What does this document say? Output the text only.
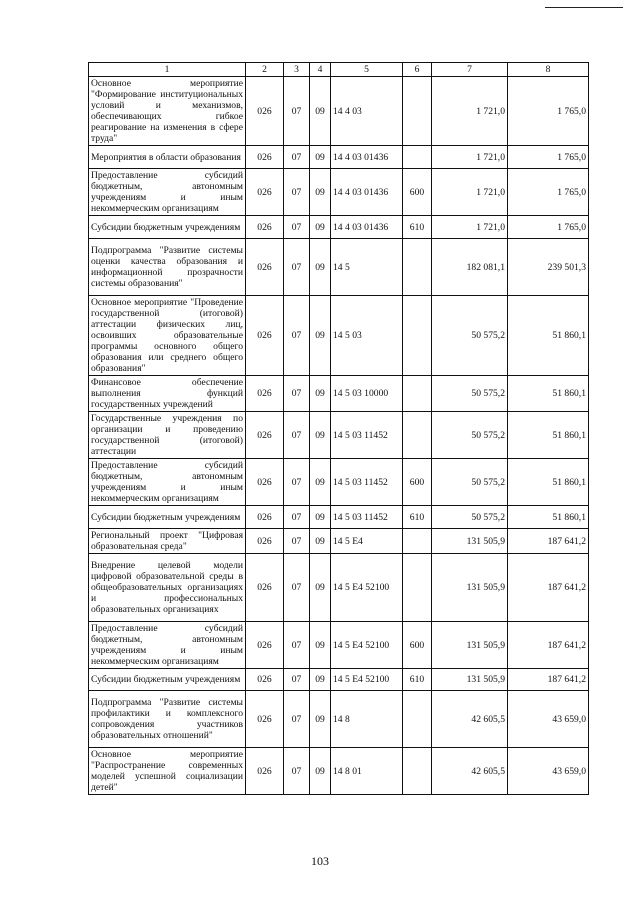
1	2	3	4	5	6	7	8
Основное мероприятие "Формирование институциональных условий и механизмов, обеспечивающих гибкое реагирование на изменения в сфере труда"	026	07	09	14 4 03		1 721,0	1 765,0
Мероприятия в области образования	026	07	09	14 4 03 01436		1 721,0	1 765,0
Предоставление субсидий бюджетным, автономным учреждениям и иным некоммерческим организациям	026	07	09	14 4 03 01436	600	1 721,0	1 765,0
Субсидии бюджетным учреждениям	026	07	09	14 4 03 01436	610	1 721,0	1 765,0
Подпрограмма "Развитие системы оценки качества образования и информационной прозрачности системы образования"	026	07	09	14 5		182 081,1	239 501,3
Основное мероприятие "Проведение государственной (итоговой) аттестации физических лиц, освоивших образовательные программы основного общего образования или среднего общего образования"	026	07	09	14 5 03		50 575,2	51 860,1
Финансовое обеспечение выполнения функций государственных учреждений	026	07	09	14 5 03 10000		50 575,2	51 860,1
Государственные учреждения по организации и проведению государственной (итоговой) аттестации	026	07	09	14 5 03 11452		50 575,2	51 860,1
Предоставление субсидий бюджетным, автономным учреждениям и иным некоммерческим организациям	026	07	09	14 5 03 11452	600	50 575,2	51 860,1
Субсидии бюджетным учреждениям	026	07	09	14 5 03 11452	610	50 575,2	51 860,1
Региональный проект "Цифровая образовательная среда"	026	07	09	14 5 E4		131 505,9	187 641,2
Внедрение целевой модели цифровой образовательной среды в общеобразовательных организациях и профессиональных образовательных организациях	026	07	09	14 5 E4 52100		131 505,9	187 641,2
Предоставление субсидий бюджетным, автономным учреждениям и иным некоммерческим организациям	026	07	09	14 5 E4 52100	600	131 505,9	187 641,2
Субсидии бюджетным учреждениям	026	07	09	14 5 E4 52100	610	131 505,9	187 641,2
Подпрограмма "Развитие системы профилактики и комплексного сопровождения участников образовательных отношений"	026	07	09	14 8		42 605,5	43 659,0
Основное мероприятие "Распространение современных моделей успешной социализации детей"	026	07	09	14 8 01		42 605,5	43 659,0
103
